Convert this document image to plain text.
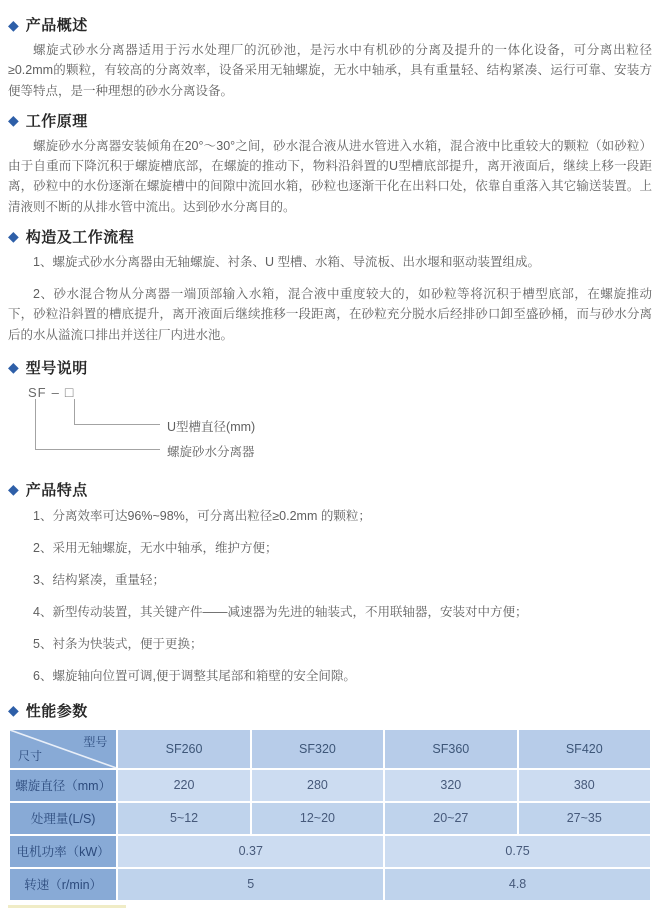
◆ 产品概述

螺旋式砂水分离器适用于污水处理厂的沉砂池，是污水中有机砂的分离及提升的一体化设备，可分离出粒径≥0.2mm的颗粒，有较高的分离效率，设备采用无轴螺旋，无水中轴承，具有重量轻、结构紧凑、运行可靠、安装方便等特点，是一种理想的砂水分离设备。

◆ 工作原理

螺旋砂水分离器安装倾角在20°～30°之间，砂水混合液从进水管进入水箱，混合液中比重较大的颗粒（如砂粒）由于自重而下降沉积于螺旋槽底部，在螺旋的推动下，物料沿斜置的U型槽底部提升，离开液面后，继续上移一段距离，砂粒中的水份逐渐在螺旋槽中的间隙中流回水箱，砂粒也逐渐干化在出料口处，依靠自重落入其它输送装置。上清液则不断的从排水管中流出。达到砂水分离目的。

◆ 构造及工作流程

1、螺旋式砂水分离器由无轴螺旋、衬条、U 型槽、水箱、导流板、出水堰和驱动装置组成。

2、砂水混合物从分离器一端顶部输入水箱，混合液中重度较大的，如砂粒等将沉积于槽型底部，在螺旋推动下，砂粒沿斜置的槽底提升，离开液面后继续推移一段距离，在砂粒充分脱水后经排砂口卸至盛砂桶，而与砂水分离后的水从溢流口排出并送往厂内进水池。

◆ 型号说明
SF – □
U型槽直径(mm)
螺旋砂水分离器
◆ 产品特点
1、分离效率可达96%~98%，可分离出粒径≥0.2mm 的颗粒；
2、采用无轴螺旋，无水中轴承，维护方便；
3、结构紧凑，重量轻；
4、新型传动装置，其关键产件——减速器为先进的轴装式，不用联轴器，安装对中方便；
5、衬条为快装式，便于更换；
6、螺旋轴向位置可调,便于调整其尾部和箱壁的安全间隙。
◆ 性能参数
型号
尺寸	SF260	SF320	SF360	SF420
螺旋直径（mm）	220	280	320	380
处理量(L/S)	5~12	12~20	20~27	27~35
电机功率（kW）	0.37		0.75	
转速（r/min）	5		4.8	
